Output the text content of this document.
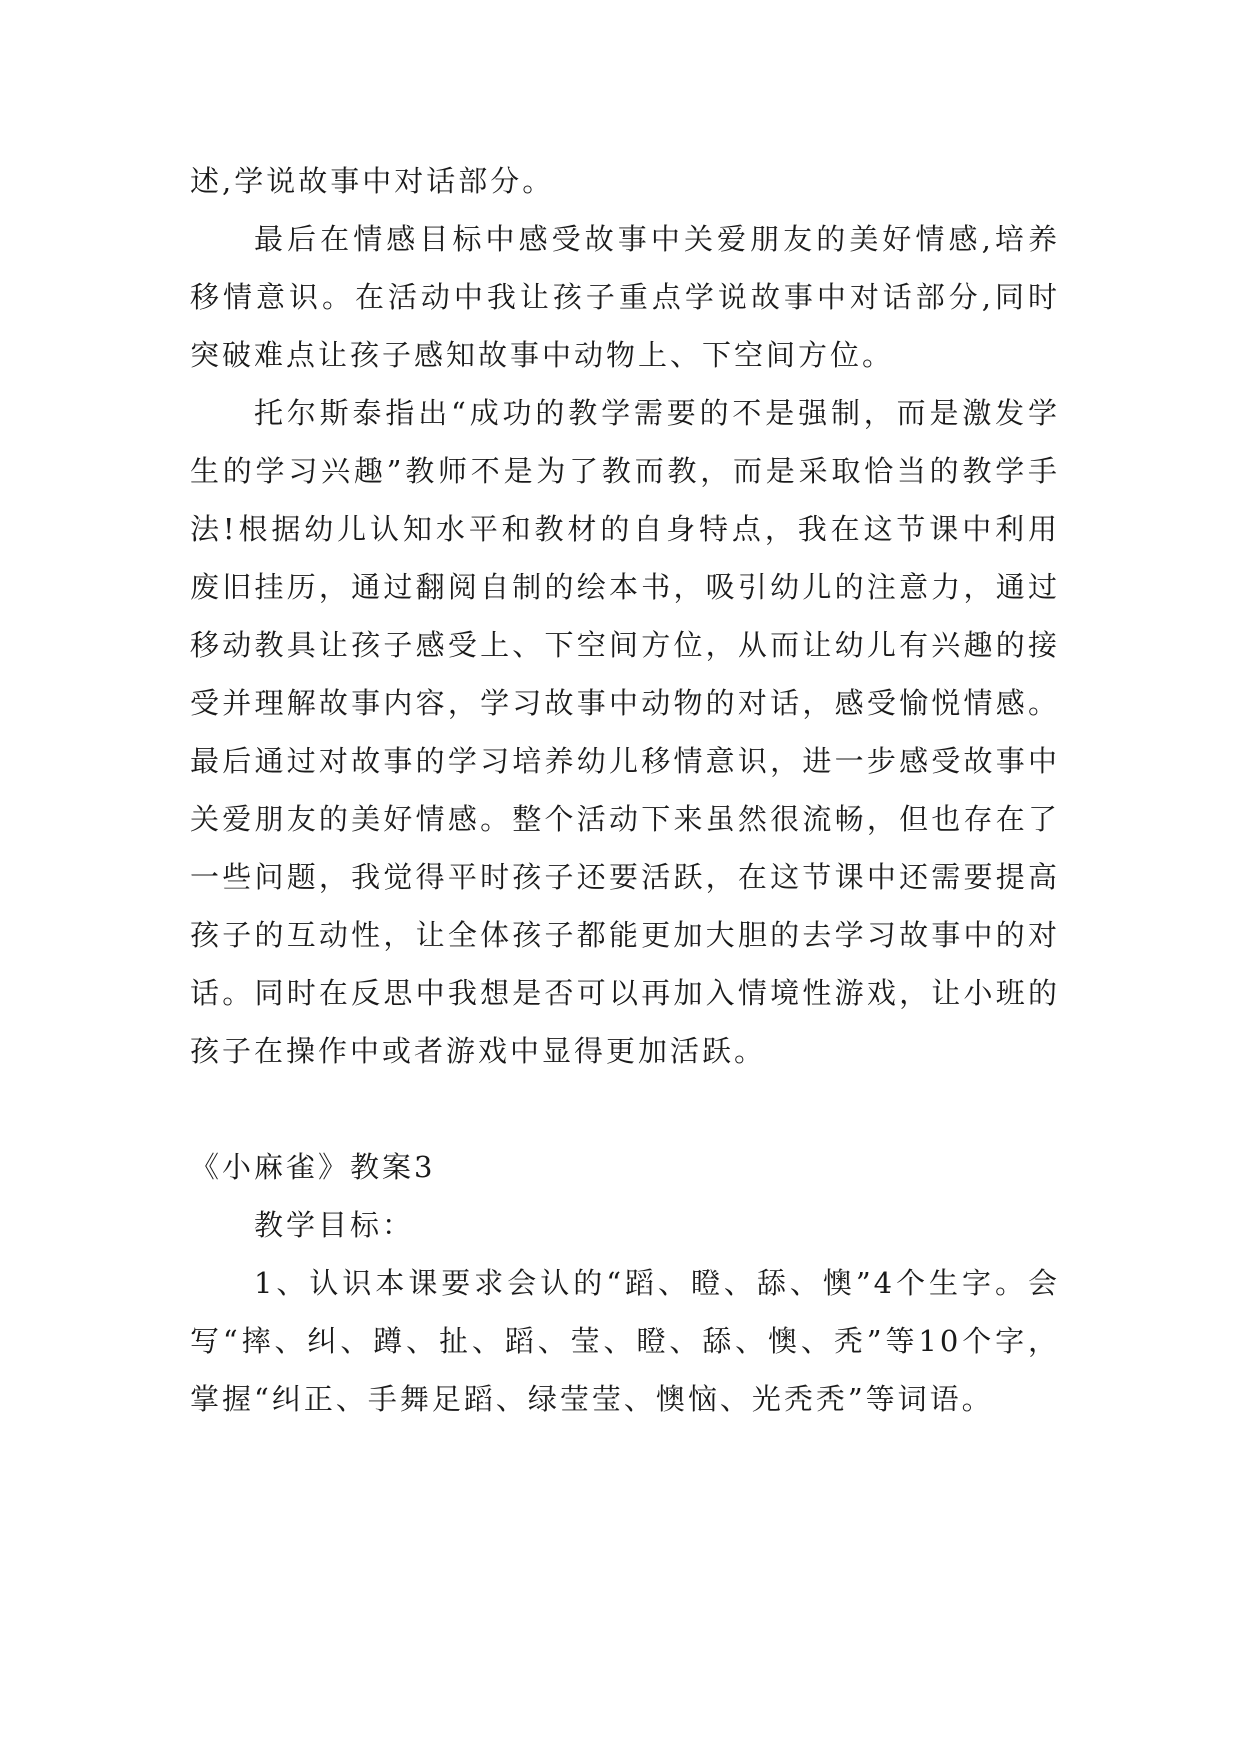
述,学说故事中对话部分。

最后在情感目标中感受故事中关爱朋友的美好情感,培养移情意识。在活动中我让孩子重点学说故事中对话部分,同时突破难点让孩子感知故事中动物上、下空间方位。

托尔斯泰指出“成功的教学需要的不是强制，而是激发学生的学习兴趣”教师不是为了教而教，而是采取恰当的教学手法!根据幼儿认知水平和教材的自身特点，我在这节课中利用废旧挂历，通过翻阅自制的绘本书，吸引幼儿的注意力，通过移动教具让孩子感受上、下空间方位，从而让幼儿有兴趣的接受并理解故事内容，学习故事中动物的对话，感受愉悦情感。最后通过对故事的学习培养幼儿移情意识，进一步感受故事中关爱朋友的美好情感。整个活动下来虽然很流畅，但也存在了一些问题，我觉得平时孩子还要活跃，在这节课中还需要提高孩子的互动性，让全体孩子都能更加大胆的去学习故事中的对话。同时在反思中我想是否可以再加入情境性游戏，让小班的孩子在操作中或者游戏中显得更加活跃。

《小麻雀》教案3

教学目标：

1、认识本课要求会认的“蹈、瞪、舔、懊”4个生字。会写“摔、纠、蹲、扯、蹈、莹、瞪、舔、懊、秃”等10个字，掌握“纠正、手舞足蹈、绿莹莹、懊恼、光秃秃”等词语。
